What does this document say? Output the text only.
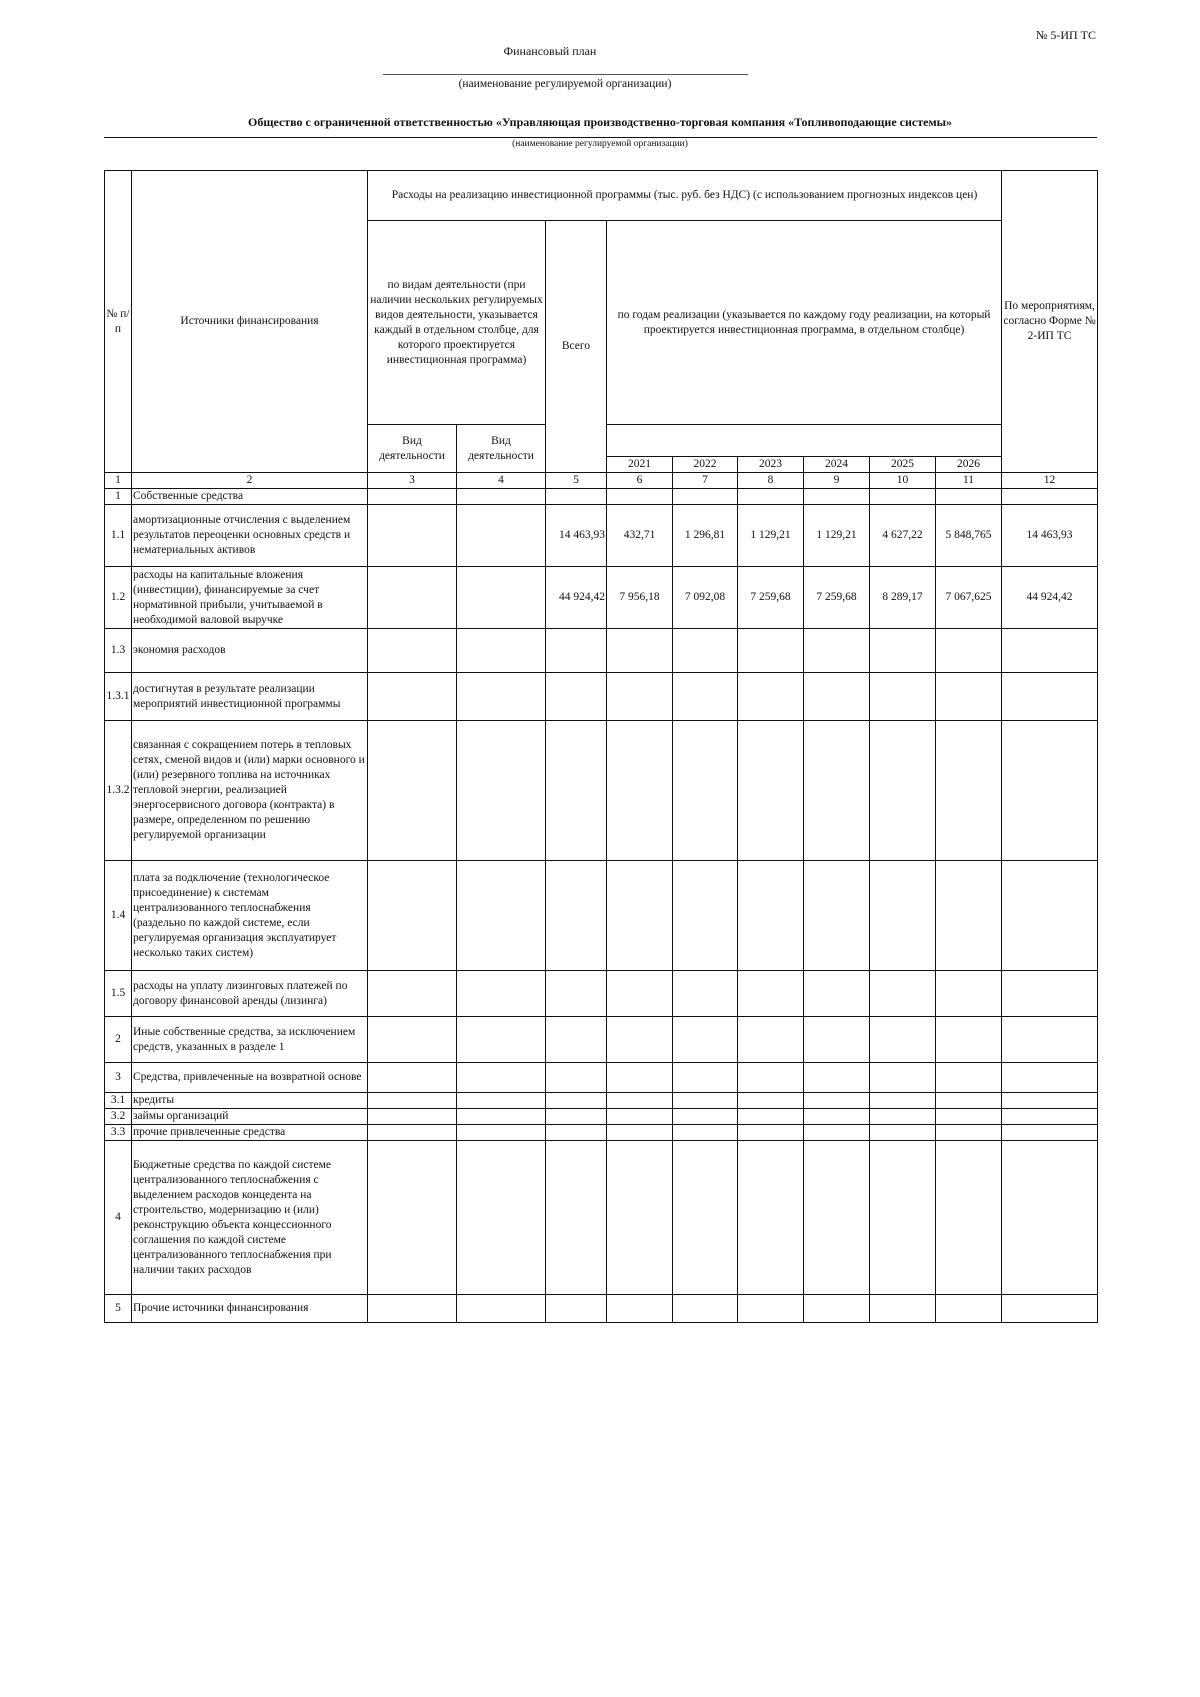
№ 5-ИП ТС
Финансовый план
(наименование регулируемой организации)
Общество с ограниченной ответственностью «Управляющая производственно-торговая компания «Топливоподающие системы»
(наименование регулируемой организации)
№ п/п	Источники финансирования	Расходы на реализацию инвестиционной программы (тыс. руб. без НДС) (с использованием прогнозных индексов цен)									По мероприятиям, согласно Форме № 2-ИП ТС
		по видам деятельности (при наличии нескольких регулируемых видов деятельности, указывается каждый в отдельном столбце, для которого проектируется инвестиционная программа)		Всего	по годам реализации (указывается по каждому году реализации, на который проектируется инвестиционная программа, в отдельном столбце)						
		Вид деятельности	Вид деятельности								
					2021	2022	2023	2024	2025	2026	
1	2	3	4	5	6	7	8	9	10	11	12
1	Собственные средства										
1.1	амортизационные отчисления с выделением результатов переоценки основных средств и нематериальных активов			14 463,93	432,71	1 296,81	1 129,21	1 129,21	4 627,22	5 848,765	14 463,93
1.2	расходы на капитальные вложения (инвестиции), финансируемые за счет нормативной прибыли, учитываемой в необходимой валовой выручке			44 924,42	7 956,18	7 092,08	7 259,68	7 259,68	8 289,17	7 067,625	44 924,42
1.3	экономия расходов										
1.3.1	достигнутая в результате реализации мероприятий инвестиционной программы										
1.3.2	связанная с сокращением потерь в тепловых сетях, сменой видов и (или) марки основного и (или) резервного топлива на источниках тепловой энергии, реализацией энергосервисного договора (контракта) в размере, определенном по решению регулируемой организации										
1.4	плата за подключение (технологическое присоединение) к системам централизованного теплоснабжения (раздельно по каждой системе, если регулируемая организация эксплуатирует несколько таких систем)										
1.5	расходы на уплату лизинговых платежей по договору финансовой аренды (лизинга)										
2	Иные собственные средства, за исключением средств, указанных в разделе 1										
3	Средства, привлеченные на возвратной основе										
3.1	кредиты										
3.2	займы организаций										
3.3	прочие привлеченные средства										
4	Бюджетные средства по каждой системе централизованного теплоснабжения с выделением расходов концедента на строительство, модернизацию и (или) реконструкцию объекта концессионного соглашения по каждой системе централизованного теплоснабжения при наличии таких расходов										
5	Прочие источники финансирования										
